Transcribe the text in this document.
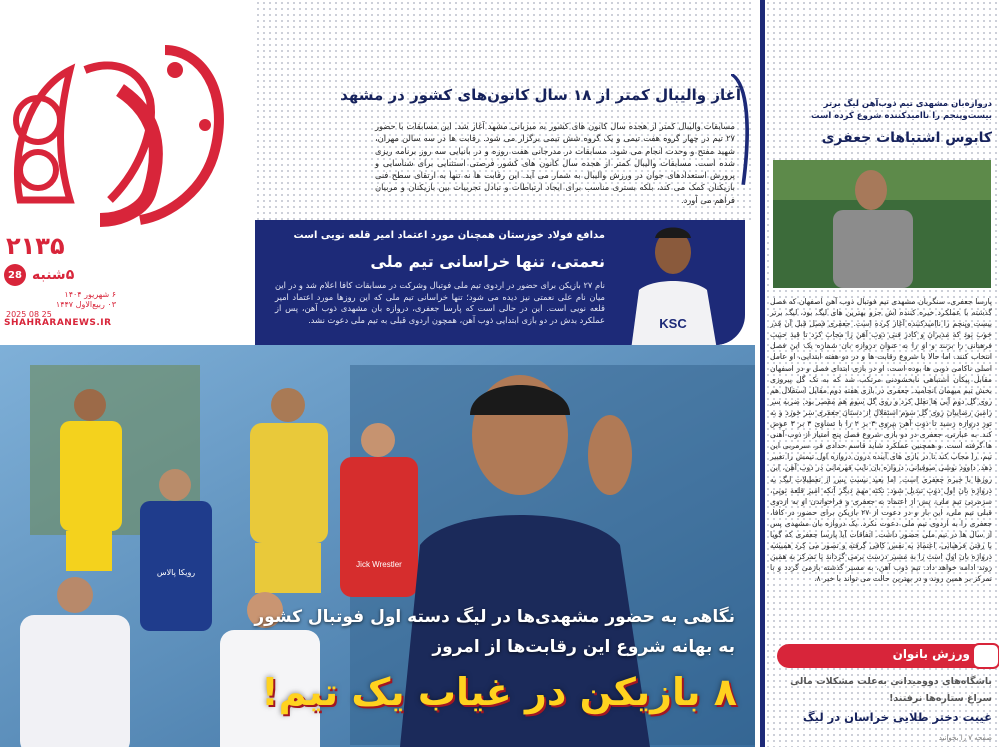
۲۱۳۵
28 ۵شنبه
۶ شهریور ۱۴۰۴
۰۳ ربیع‌الاول ۱۴۴۷
2025 08 25
SHAHRARANEWS.IR
آغاز والیبال کمتر از ۱۸ سال کانون‌های کشور در مشهد

مسابقات والیبال کمتر از هجده سال کانون های کشور به میزبانی مشهد آغاز شد. این مسابقات با حضور ۲۷ تیم در چهار گروه هفت تیمی و یک گروه شش تیمی برگزار می شود. رقابت ها در سه سالن مهران، شهید مفتح و وحدت انجام می شود. مسابقات در مدرجانی هفت روزه و در بانیایی سه روز برنامه ریزی شده است. مسابقات والیبال کمتر از هجده سال کانون های کشور فرصتی استثنایی برای شناسایی و پرورش استعدادهای جوان در ورزش والیبال به شمار می آید. این رقابت ها نه تنها به ارتقای سطح فنی بازیکنان کمک می کند، بلکه بستری مناسب برای ایجاد ارتباطات و تبادل تجربیات بین بازیکنان و مربیان فراهم می آورد.

مدافع فولاد خوزستان همچنان مورد اعتماد امیر قلعه نویی است
نعمتی، تنها خراسانی تیم ملی

نام ۲۷ بازیکن برای حضور در اردوی تیم ملی فوتبال وشرکت در مسابقات کافا اعلام شد و در این میان نام علی نعمتی نیز دیده می شود؛ تنها خراسانی تیم ملی که این روزها مورد اعتماد امیر قلعه نویی است. این در حالی است که پارسا جعفری، دروازه بان مشهدی ذوب آهن، پس از عملکرد بدش در دو بازی ابتدایی ذوب آهن، همچون اردوی قبلی به تیم ملی دعوت نشد.	KSC
Jick Wrestler
رویکا پالاس
نگاهی به حضور مشهدی‌ها در لیگ دسته اول فوتبال کشور
به بهانه شروع این رقابت‌ها از امروز
۸ بازیکن در غیاب یک تیم!

دروازه‌بان مشهدی تیم ذوب‌آهن لیگ برتر بیست‌وپنجم را ناامیدکننده شروع کرده است

کابوس اشتباهات جعفری

پارسا جعفری، سنگربان مشهدی تیم فوتبال ذوب آهن اصفهان که فصل گذشته با عملکرد خیره کننده اش جزو بهترین های لیگ بود، لیگ برتر بیست وپنجم را ناامیدکننده آغاز کرده است. جعفری فصل قبل آن قدر خوب بود که مدیران و کادر فنی ذوب آهن را مجاب کرد تا قید حبیب فرهبانی را بزنند و او را به عنوان دروازه بان شماره یک این فصل انتخاب کنند. اما حالا با شروع رقابت ها و در دو هفته ابتدایی، او عامل اصلی ناکامی ذوبی ها بوده است. او در بازی ابتدای فصل و در اصفهان مقابل پیکان اشتباهی نابخشودنی مرتکب شد که به تک گل پیروزی بخش تیم میهمان انجامید. جعفری در بازی هفته دوم مقابل استقلال هم روی گل دوم آبی ها تعلل کرد و روی گل سوم هم مقصر بود. ضربه سر رامین رضاییان روی گل سوم استقلال از دستان جعفری سر خورد و به تور دروازه رسید تا ذوب آهن بپروی ۳ بر ۲ را با تساوی ۳ بر ۳ عوض کند. به عبارتی، جعفری در دو بازی شروع فصل پنج امتیاز از ذوب آهنی ها گرفته است. و همچنین عملکرد شاید قاسم حدادی فر، سرمربی این تیم، را مجاب کند تا در بازی های آینده درون دروازه اول تیمش را تغییر دهد. داوود نوشی صوفیانی، دروازه بان نایب قهرمانی در ذوب آهن، این روزها با خیره جعفری است. اما بعید نیست پس از تعطیلات لیگ به دروازه بان اول ذوب تبدیل شود. نکته مهم دیگر آنکه امیر قلعه نویی، سرمربی تیم ملی، پس از اعتماد به جعفری و فراخواندن او به اردوی قبلی تیم ملی، این بار و در دعوت از ۲۷ بازیکن برای حضور در کافا، جعفری را به اردوی تیم ملی دعوت نکرد. یک دروازه بان مشهدی پس از سال ها در تیم ملی حضور داشت. اتفاقات آیا پارسا جعفری که گویا با رفتن فرهبانی، اعتماد به نفس کافی گرفته و تصور می کرد همیشه دروازه بان اول است را به مسیر درست برمی گرداند یا تمرکز به همین روند ادامه خواهد داد. تیم ذوب آهن، به مسیر گذشته بازمی گردد و با تمرکز بر همین روند و در بهترین حالت می تواند با خیر ۸.

ورزش بانوان

باشگاه‌های دوومیدانی به‌علت مشکلات مالی

سراغ ستاره‌ها نرفتند!

غیبت دختر طلایی خراسان در لیگ

صفحه ۷ را بخوانید
